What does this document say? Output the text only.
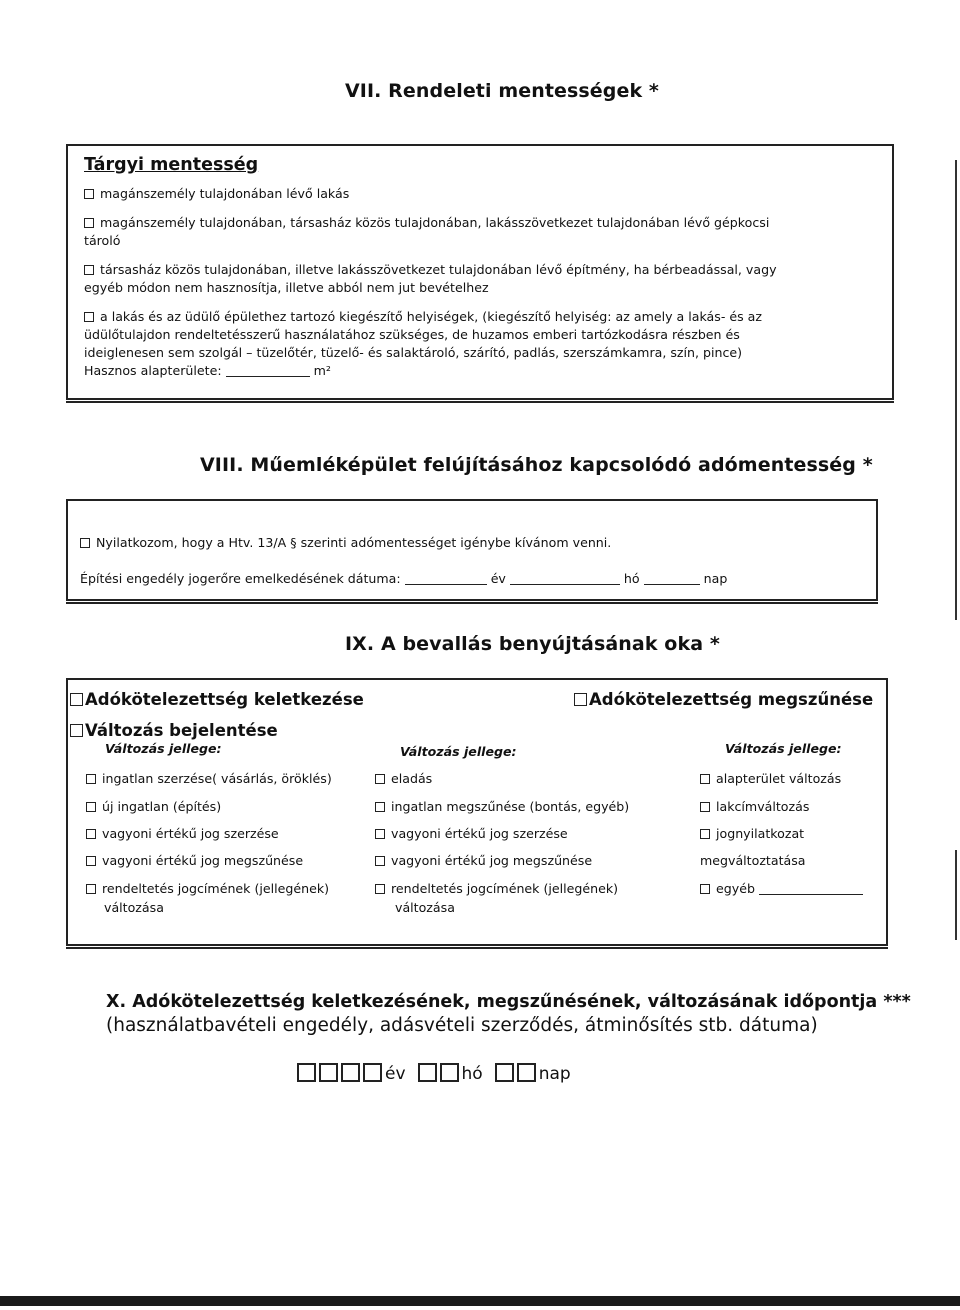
VII. Rendeleti mentességek *
Tárgyi mentesség
magánszemély tulajdonában lévő lakás
magánszemély tulajdonában, társasház közös tulajdonában, lakásszövetkezet tulajdonában lévő gépkocsi
tároló
társasház közös tulajdonában, illetve lakásszövetkezet tulajdonában lévő építmény, ha bérbeadással, vagy
egyéb módon nem hasznosítja, illetve abból nem jut bevételhez
a lakás és az üdülő épülethez tartozó kiegészítő helyiségek, (kiegészítő helyiség: az amely a lakás- és az
üdülőtulajdon rendeltetésszerű használatához szükséges, de huzamos emberi tartózkodásra részben és
ideiglenesen sem szolgál – tüzelőtér, tüzelő- és salaktároló, szárító, padlás, szerszámkamra, szín, pince)
Hasznos alapterülete:	m²
VIII. Műemléképület felújításához kapcsolódó adómentesség *
Nyilatkozom, hogy a Htv. 13/A § szerinti adómentességet igénybe kívánom venni.
Építési engedély jogerőre emelkedésének dátuma:	év	hó	nap
IX. A bevallás benyújtásának oka *
Adókötelezettség keletkezése	Adókötelezettség megszűnése
Változás bejelentése
Változás jellege:	Változás jellege:	Változás jellege:
ingatlan szerzése( vásárlás, öröklés)
új ingatlan (építés)
vagyoni értékű jog szerzése
vagyoni értékű jog megszűnése
rendeltetés jogcímének (jellegének)
változása
eladás
ingatlan megszűnése (bontás, egyéb)
vagyoni értékű jog szerzése
vagyoni értékű jog megszűnése
rendeltetés jogcímének (jellegének)
változása
alapterület változás
lakcímváltozás
jognyilatkozat
megváltoztatása
egyéb
X. Adókötelezettség keletkezésének, megszűnésének, változásának időpontja ***
(használatbavételi engedély, adásvételi szerződés, átminősítés stb. dátuma)
év	hó	nap
